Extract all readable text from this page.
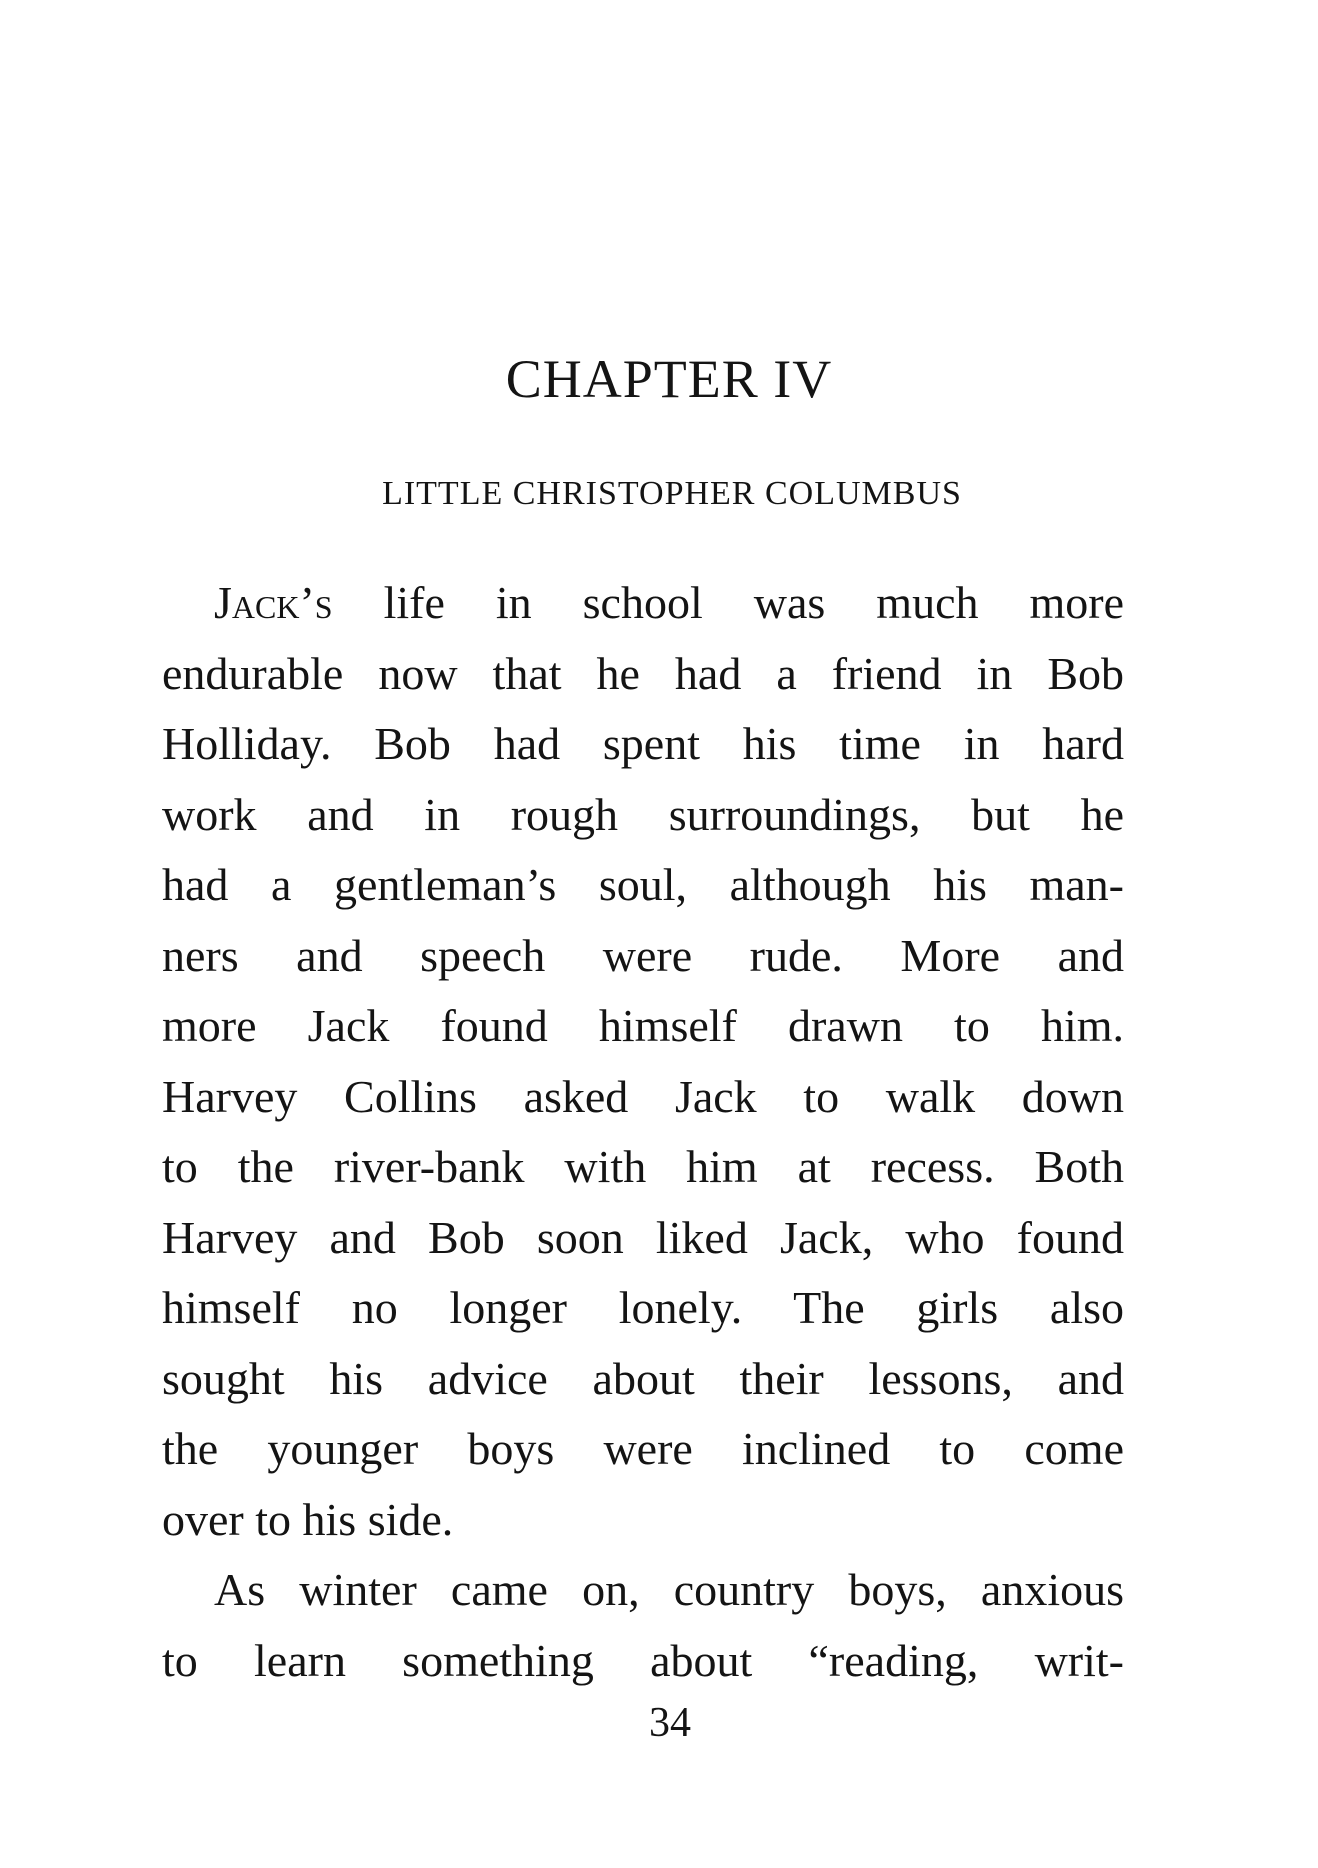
CHAPTER IV
LITTLE CHRISTOPHER COLUMBUS
Jack’s life in school was much more
endurable now that he had a friend in Bob
Holliday. Bob had spent his time in hard
work and in rough surroundings, but he
had a gentleman’s soul, although his man-
ners and speech were rude. More and
more Jack found himself drawn to him.
Harvey Collins asked Jack to walk down
to the river-bank with him at recess. Both
Harvey and Bob soon liked Jack, who found
himself no longer lonely. The girls also
sought his advice about their lessons, and
the younger boys were inclined to come
over to his side.
As winter came on, country boys, anxious
to learn something about “reading, writ-
34
